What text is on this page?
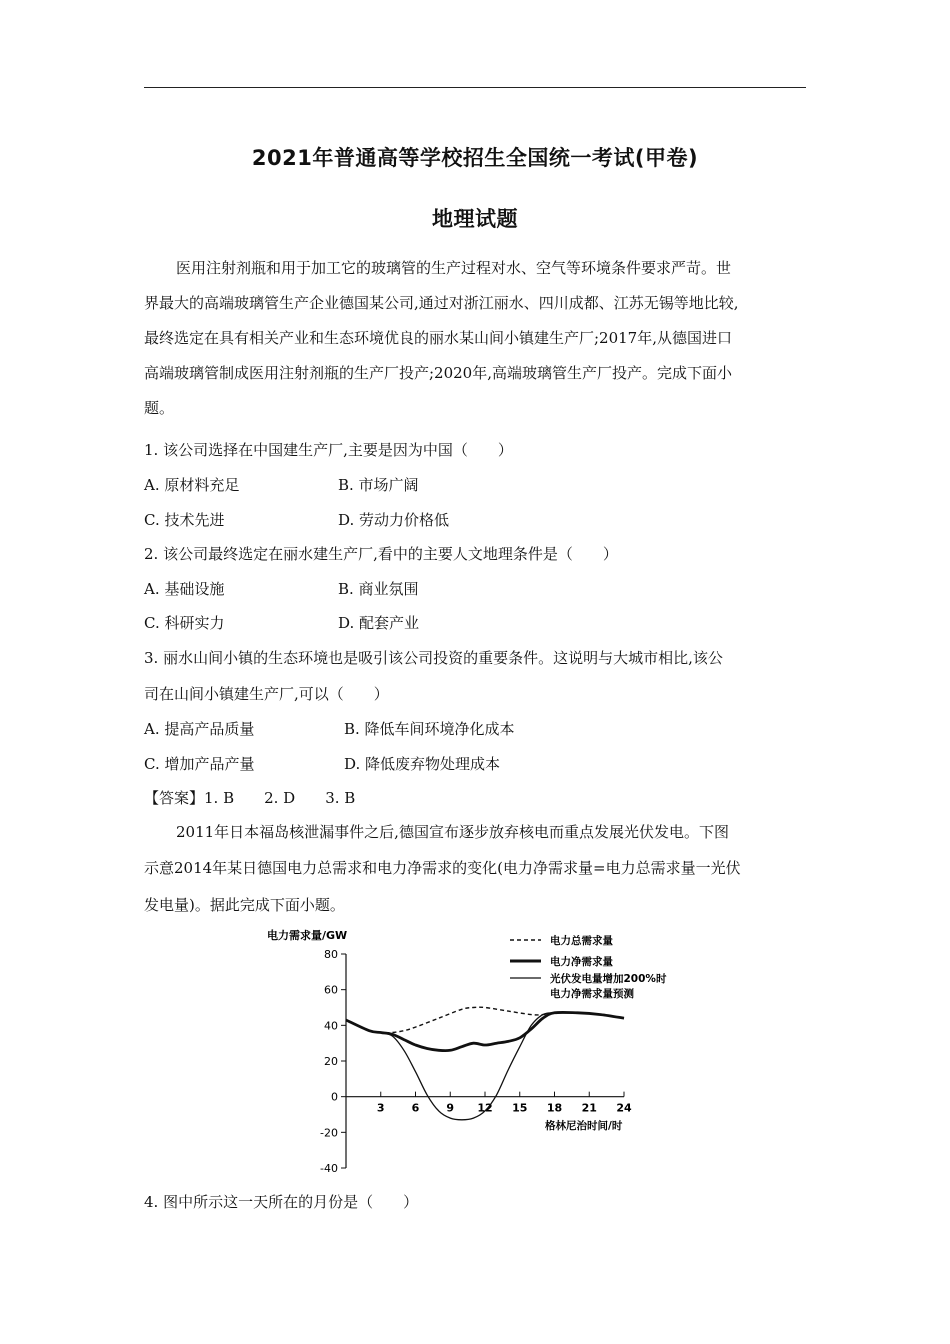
2021年普通高等学校招生全国统一考试(甲卷)
地理试题
医用注射剂瓶和用于加工它的玻璃管的生产过程对水、空气等环境条件要求严苛。世
界最大的高端玻璃管生产企业德国某公司,通过对浙江丽水、四川成都、江苏无锡等地比较,
最终选定在具有相关产业和生态环境优良的丽水某山间小镇建生产厂;2017年,从德国进口
高端玻璃管制成医用注射剂瓶的生产厂投产;2020年,高端玻璃管生产厂投产。完成下面小
题。
1. 该公司选择在中国建生产厂,主要是因为中国（　　）
A. 原材料充足	B. 市场广阔
C. 技术先进	D. 劳动力价格低
2. 该公司最终选定在丽水建生产厂,看中的主要人文地理条件是（　　）
A. 基础设施	B. 商业氛围
C. 科研实力	D. 配套产业
3. 丽水山间小镇的生态环境也是吸引该公司投资的重要条件。这说明与大城市相比,该公
司在山间小镇建生产厂,可以（　　）
A. 提高产品质量	B. 降低车间环境净化成本
C. 增加产品产量	D. 降低废弃物处理成本
【答案】1. B　　2. D　　3. B
2011年日本福岛核泄漏事件之后,德国宣布逐步放弃核电而重点发展光伏发电。下图
示意2014年某日德国电力总需求和电力净需求的变化(电力净需求量=电力总需求量一光伏
发电量)。据此完成下面小题。
80
60
40
20
0
-20
-40
3 6 9 12 15 18 21 24
电力需求量/GW
格林尼治时间/时
电力总需求量
电力净需求量
光伏发电量增加200%时
电力净需求量预测
4. 图中所示这一天所在的月份是（　　）
